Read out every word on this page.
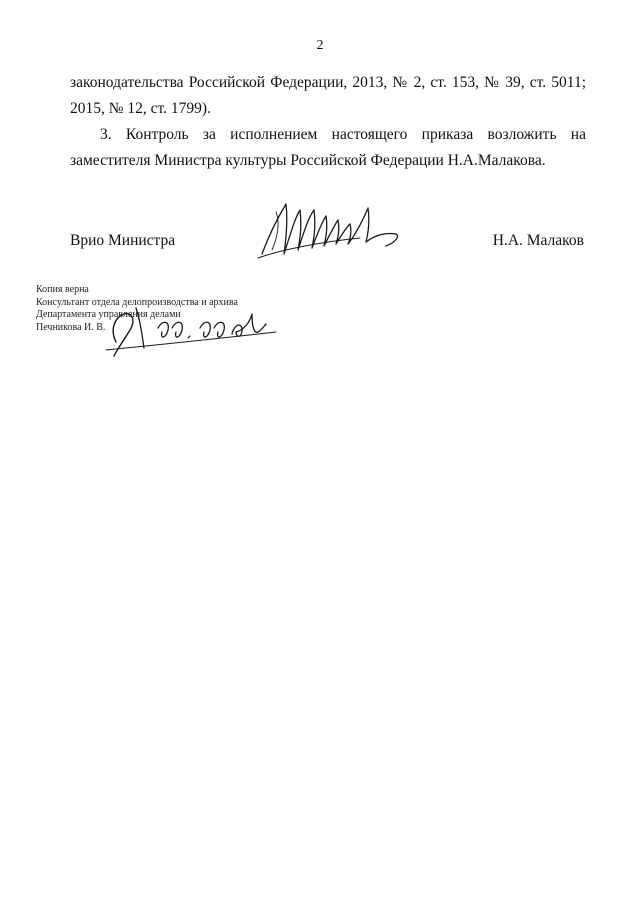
2

законодательства Российской Федерации, 2013, № 2, ст. 153, № 39, ст. 5011; 2015, № 12, ст. 1799).

3. Контроль за исполнением настоящего приказа возложить на заместителя Министра культуры Российской Федерации Н.А.Малакова.

Врио Министра	Н.А. Малаков
Копия верна
Консультант отдела делопроизводства и архива
Департамента управления делами
Печникова И. В.
